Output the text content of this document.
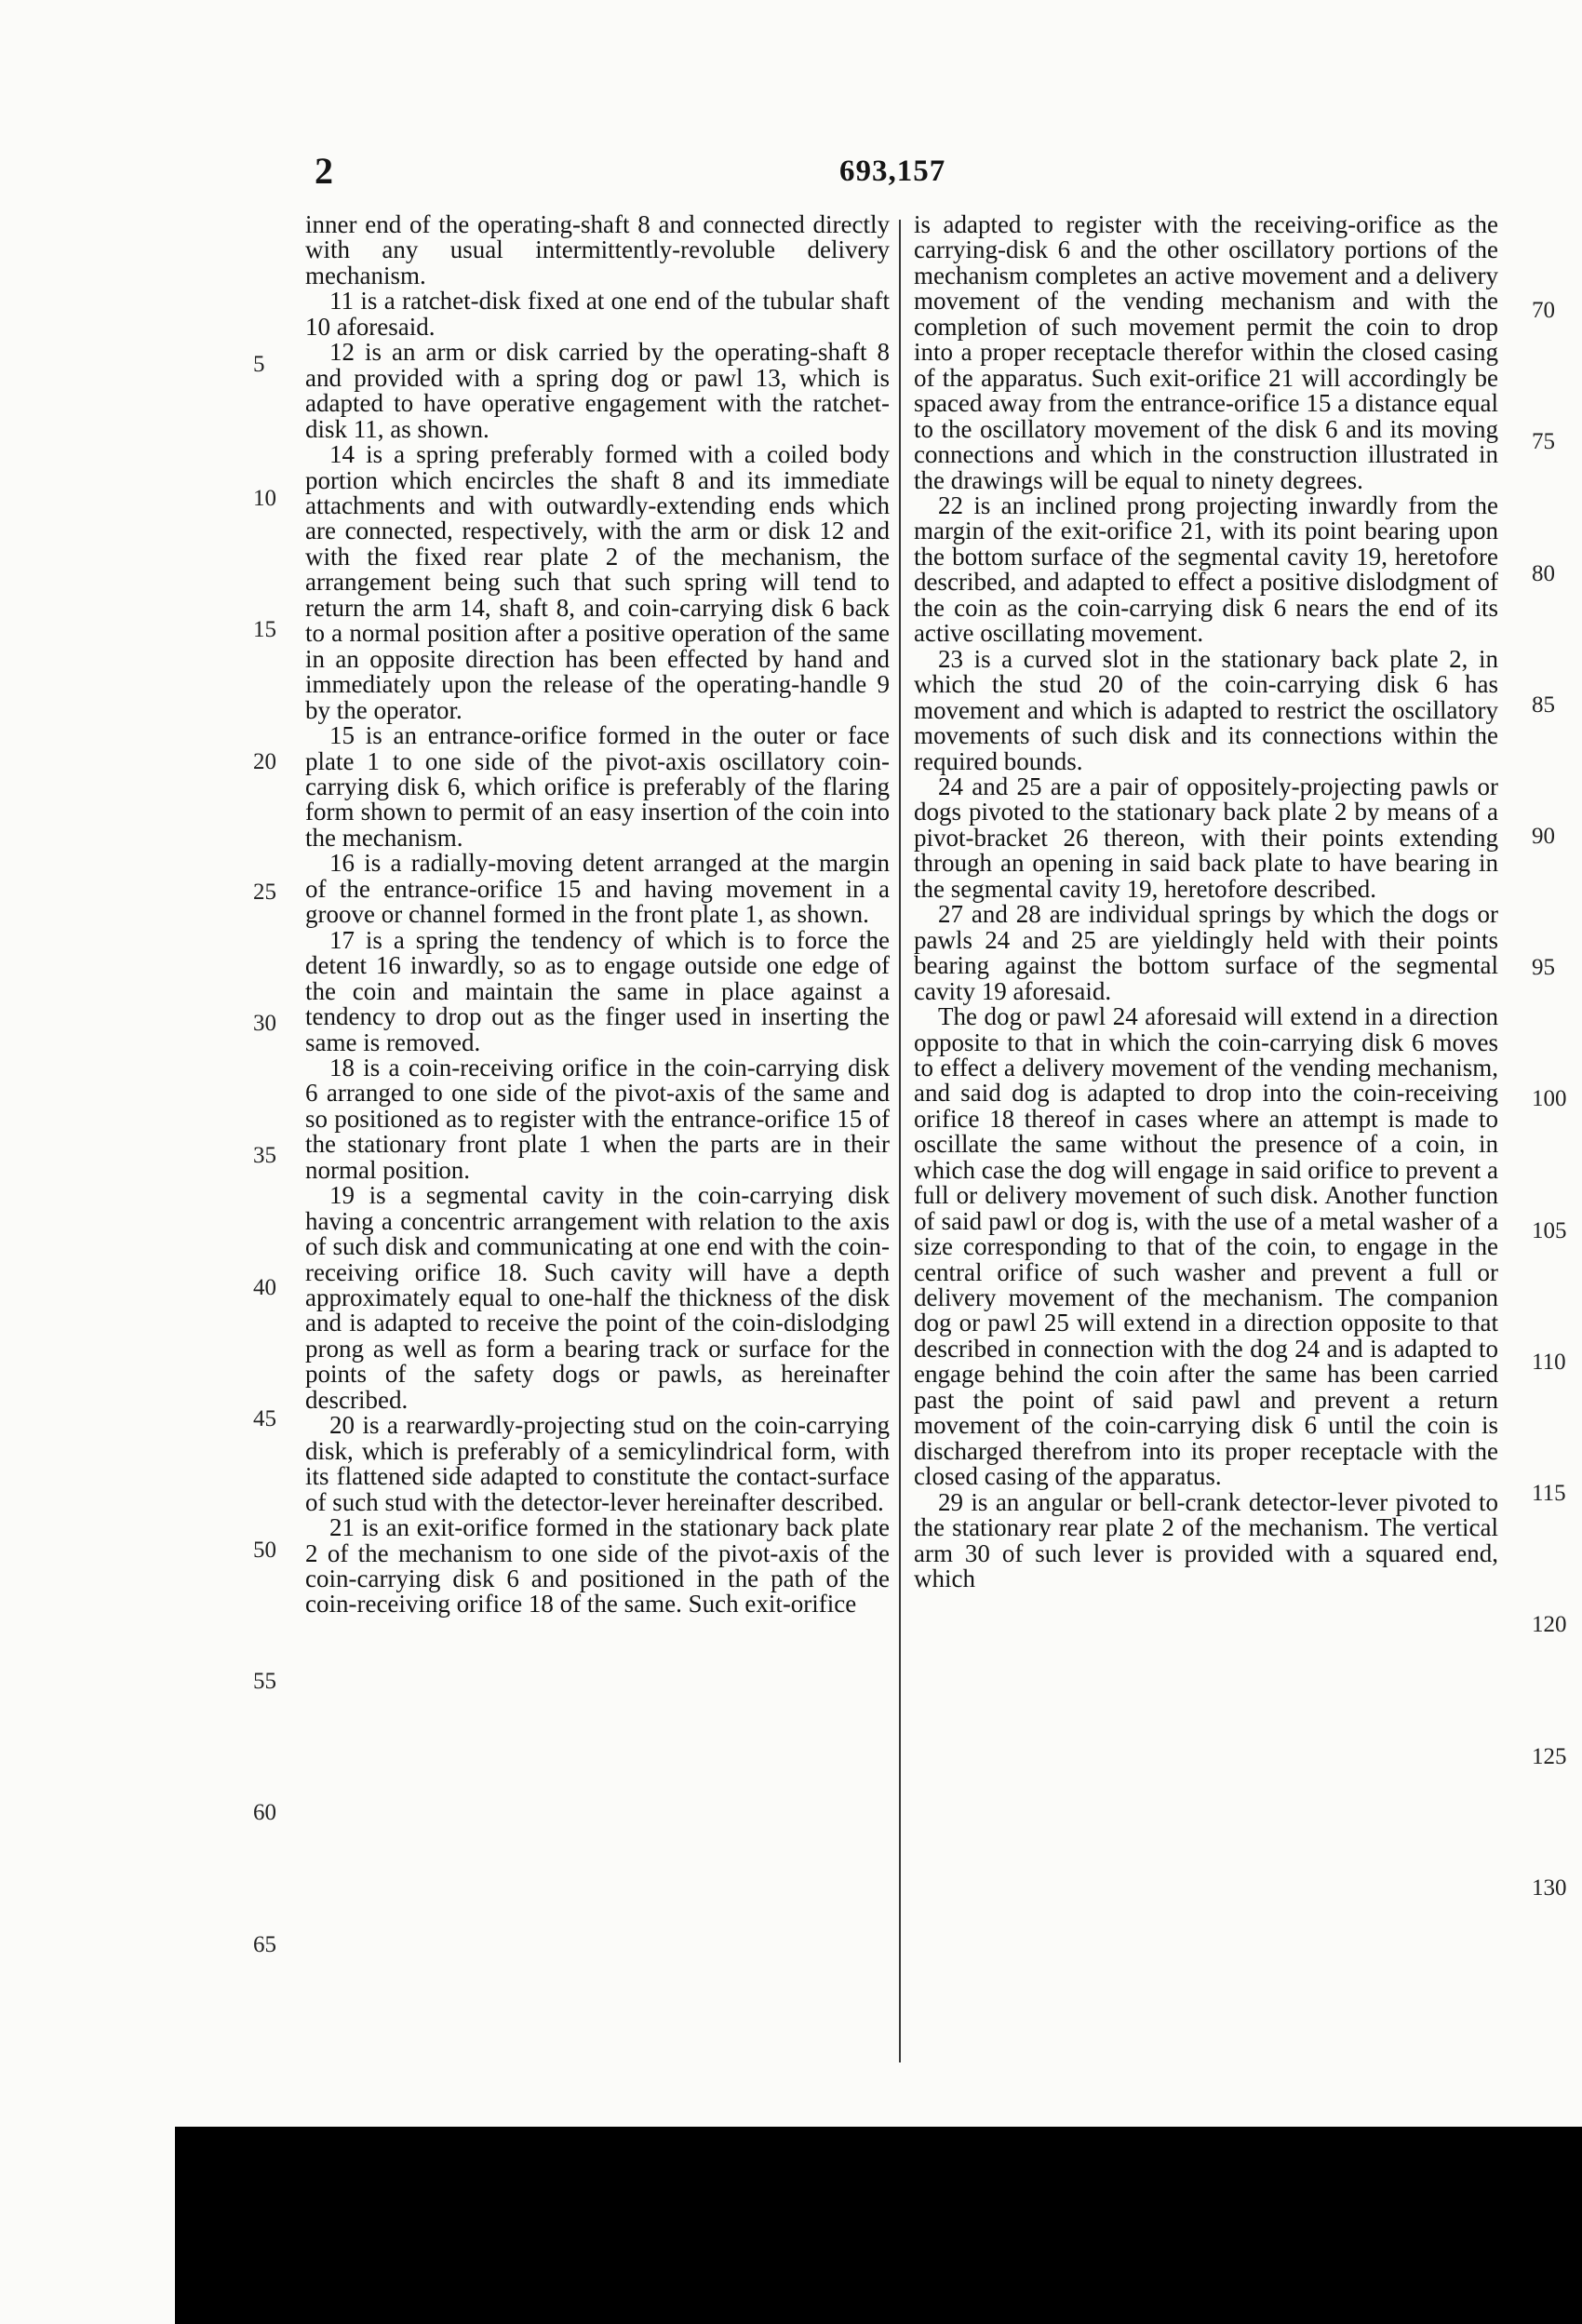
2	693,157

inner end of the operating-shaft 8 and connected directly with any usual intermittently-revoluble delivery mechanism.

11 is a ratchet-disk fixed at one end of the tubular shaft 10 aforesaid.

12 is an arm or disk carried by the operating-shaft 8 and provided with a spring dog or pawl 13, which is adapted to have operative engagement with the ratchet-disk 11, as shown.

14 is a spring preferably formed with a coiled body portion which encircles the shaft 8 and its immediate attachments and with outwardly-extending ends which are connected, respectively, with the arm or disk 12 and with the fixed rear plate 2 of the mechanism, the arrangement being such that such spring will tend to return the arm 14, shaft 8, and coin-carrying disk 6 back to a normal position after a positive operation of the same in an opposite direction has been effected by hand and immediately upon the release of the operating-handle 9 by the operator.

15 is an entrance-orifice formed in the outer or face plate 1 to one side of the pivot-axis oscillatory coin-carrying disk 6, which orifice is preferably of the flaring form shown to permit of an easy insertion of the coin into the mechanism.

16 is a radially-moving detent arranged at the margin of the entrance-orifice 15 and having movement in a groove or channel formed in the front plate 1, as shown.

17 is a spring the tendency of which is to force the detent 16 inwardly, so as to engage outside one edge of the coin and maintain the same in place against a tendency to drop out as the finger used in inserting the same is removed.

18 is a coin-receiving orifice in the coin-carrying disk 6 arranged to one side of the pivot-axis of the same and so positioned as to register with the entrance-orifice 15 of the stationary front plate 1 when the parts are in their normal position.

19 is a segmental cavity in the coin-carrying disk having a concentric arrangement with relation to the axis of such disk and communicating at one end with the coin-receiving orifice 18. Such cavity will have a depth approximately equal to one-half the thickness of the disk and is adapted to receive the point of the coin-dislodging prong as well as form a bearing track or surface for the points of the safety dogs or pawls, as hereinafter described.

20 is a rearwardly-projecting stud on the coin-carrying disk, which is preferably of a semicylindrical form, with its flattened side adapted to constitute the contact-surface of such stud with the detector-lever hereinafter described.

21 is an exit-orifice formed in the stationary back plate 2 of the mechanism to one side of the pivot-axis of the coin-carrying disk 6 and positioned in the path of the coin-receiving orifice 18 of the same. Such exit-orifice

is adapted to register with the receiving-orifice as the carrying-disk 6 and the other oscillatory portions of the mechanism completes an active movement and a delivery movement of the vending mechanism and with the completion of such movement permit the coin to drop into a proper receptacle therefor within the closed casing of the apparatus. Such exit-orifice 21 will accordingly be spaced away from the entrance-orifice 15 a distance equal to the oscillatory movement of the disk 6 and its moving connections and which in the construction illustrated in the drawings will be equal to ninety degrees.

22 is an inclined prong projecting inwardly from the margin of the exit-orifice 21, with its point bearing upon the bottom surface of the segmental cavity 19, heretofore described, and adapted to effect a positive dislodgment of the coin as the coin-carrying disk 6 nears the end of its active oscillating movement.

23 is a curved slot in the stationary back plate 2, in which the stud 20 of the coin-carrying disk 6 has movement and which is adapted to restrict the oscillatory movements of such disk and its connections within the required bounds.

24 and 25 are a pair of oppositely-projecting pawls or dogs pivoted to the stationary back plate 2 by means of a pivot-bracket 26 thereon, with their points extending through an opening in said back plate to have bearing in the segmental cavity 19, heretofore described.

27 and 28 are individual springs by which the dogs or pawls 24 and 25 are yieldingly held with their points bearing against the bottom surface of the segmental cavity 19 aforesaid.

The dog or pawl 24 aforesaid will extend in a direction opposite to that in which the coin-carrying disk 6 moves to effect a delivery movement of the vending mechanism, and said dog is adapted to drop into the coin-receiving orifice 18 thereof in cases where an attempt is made to oscillate the same without the presence of a coin, in which case the dog will engage in said orifice to prevent a full or delivery movement of such disk. Another function of said pawl or dog is, with the use of a metal washer of a size corresponding to that of the coin, to engage in the central orifice of such washer and prevent a full or delivery movement of the mechanism. The companion dog or pawl 25 will extend in a direction opposite to that described in connection with the dog 24 and is adapted to engage behind the coin after the same has been carried past the point of said pawl and prevent a return movement of the coin-carrying disk 6 until the coin is discharged therefrom into its proper receptacle with the closed casing of the apparatus.

29 is an angular or bell-crank detector-lever pivoted to the stationary rear plate 2 of the mechanism. The vertical arm 30 of such lever is provided with a squared end, which

5
10
15
20
25
30
35
40
45
50
55
60
65
70
75
80
85
90
95
100
105
110
115
120
125
130
